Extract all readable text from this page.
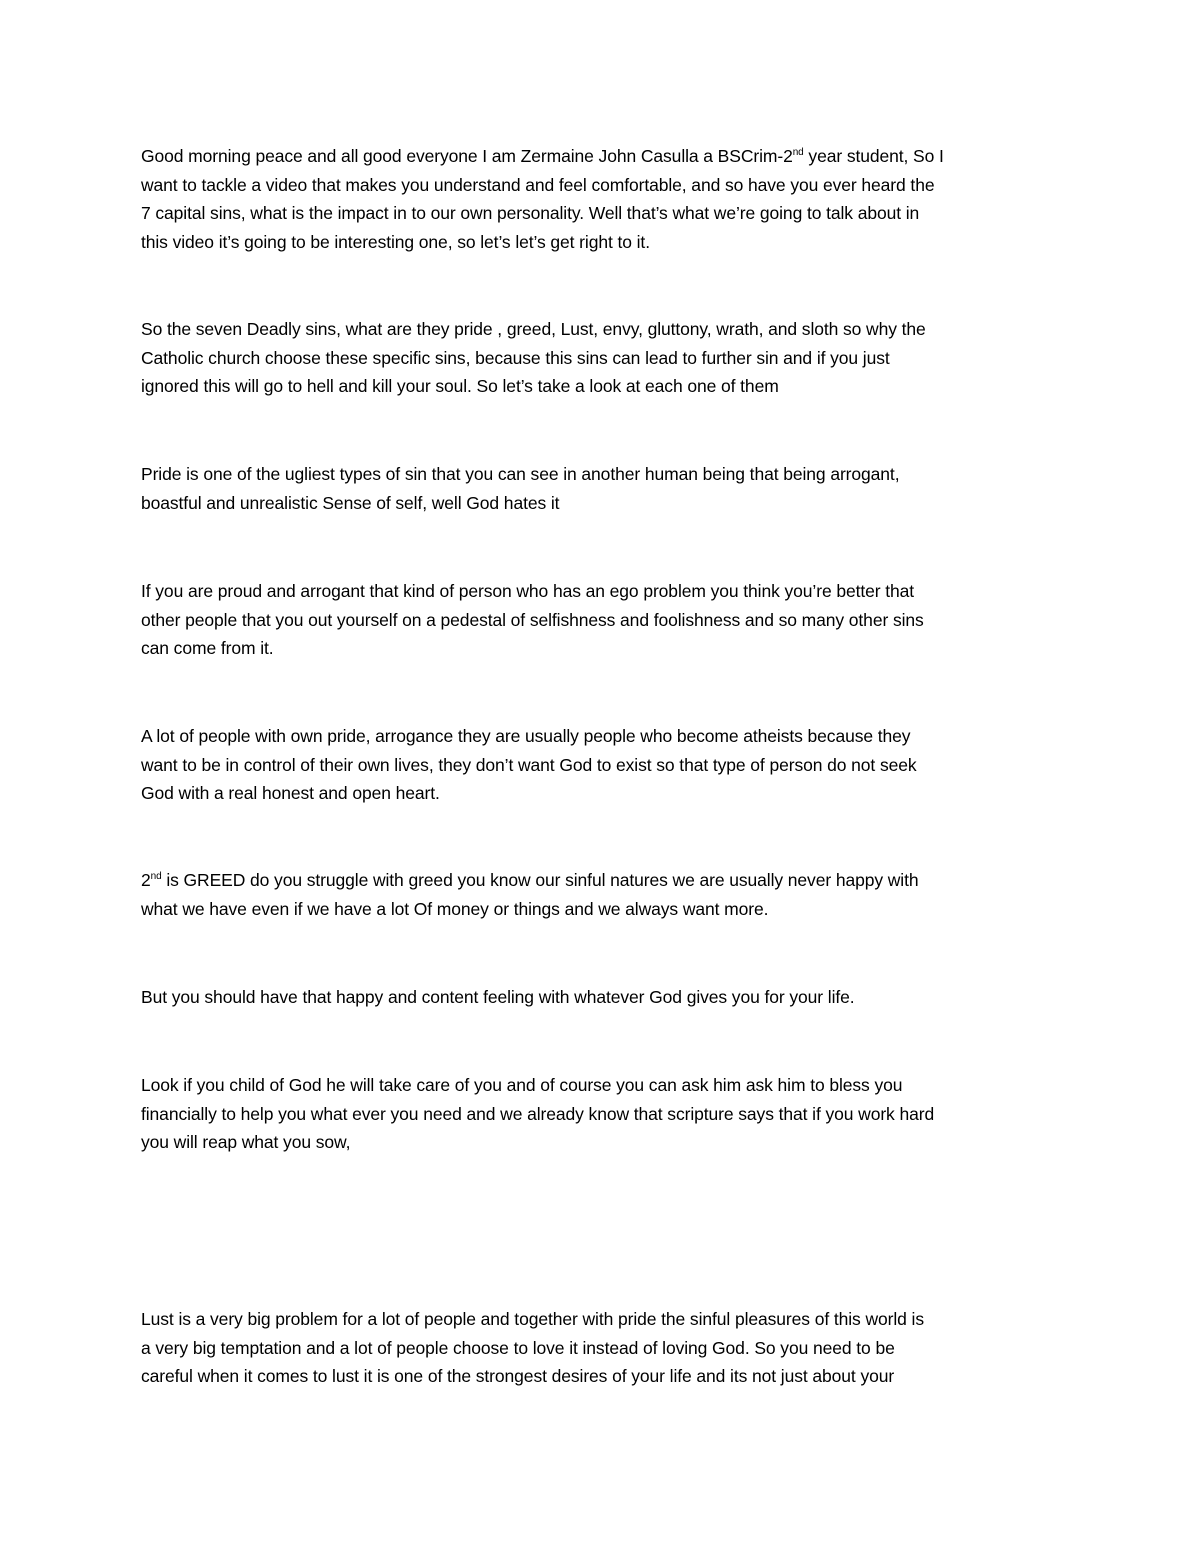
Good morning peace and all good everyone I am Zermaine John Casulla a BSCrim-2nd year student, So I
want to tackle a video that makes you understand and feel comfortable, and so have you ever heard the
7 capital sins, what is the impact in to our own personality. Well that’s what we’re going to talk about in
this video it’s going to be interesting one, so let’s let’s get right to it.

So the seven Deadly sins, what are they pride , greed, Lust, envy, gluttony, wrath, and sloth so why the
Catholic church choose these specific sins, because this sins can lead to further sin and if you just
ignored this will go to hell and kill your soul. So let’s take a look at each one of them

Pride is one of the ugliest types of sin that you can see in another human being that being arrogant,
boastful and unrealistic Sense of self, well God hates it

If you are proud and arrogant that kind of person who has an ego problem you think you’re better that
other people that you out yourself on a pedestal of selfishness and foolishness and so many other sins
can come from it.

A lot of people with own pride, arrogance they are usually people who become atheists because they
want to be in control of their own lives, they don’t want God to exist so that type of person do not seek
God with a real honest and open heart.

2nd is GREED do you struggle with greed you know our sinful natures we are usually never happy with
what we have even if we have a lot Of money or things and we always want more.

But you should have that happy and content feeling with whatever God gives you for your life.

Look if you child of God he will take care of you and of course you can ask him ask him to bless you
financially to help you what ever you need and we already know that scripture says that if you work hard
you will reap what you sow,

Lust is a very big problem for a lot of people and together with pride the sinful pleasures of this world is
a very big temptation and a lot of people choose to love it instead of loving God. So you need to be
careful when it comes to lust it is one of the strongest desires of your life and its not just about your
